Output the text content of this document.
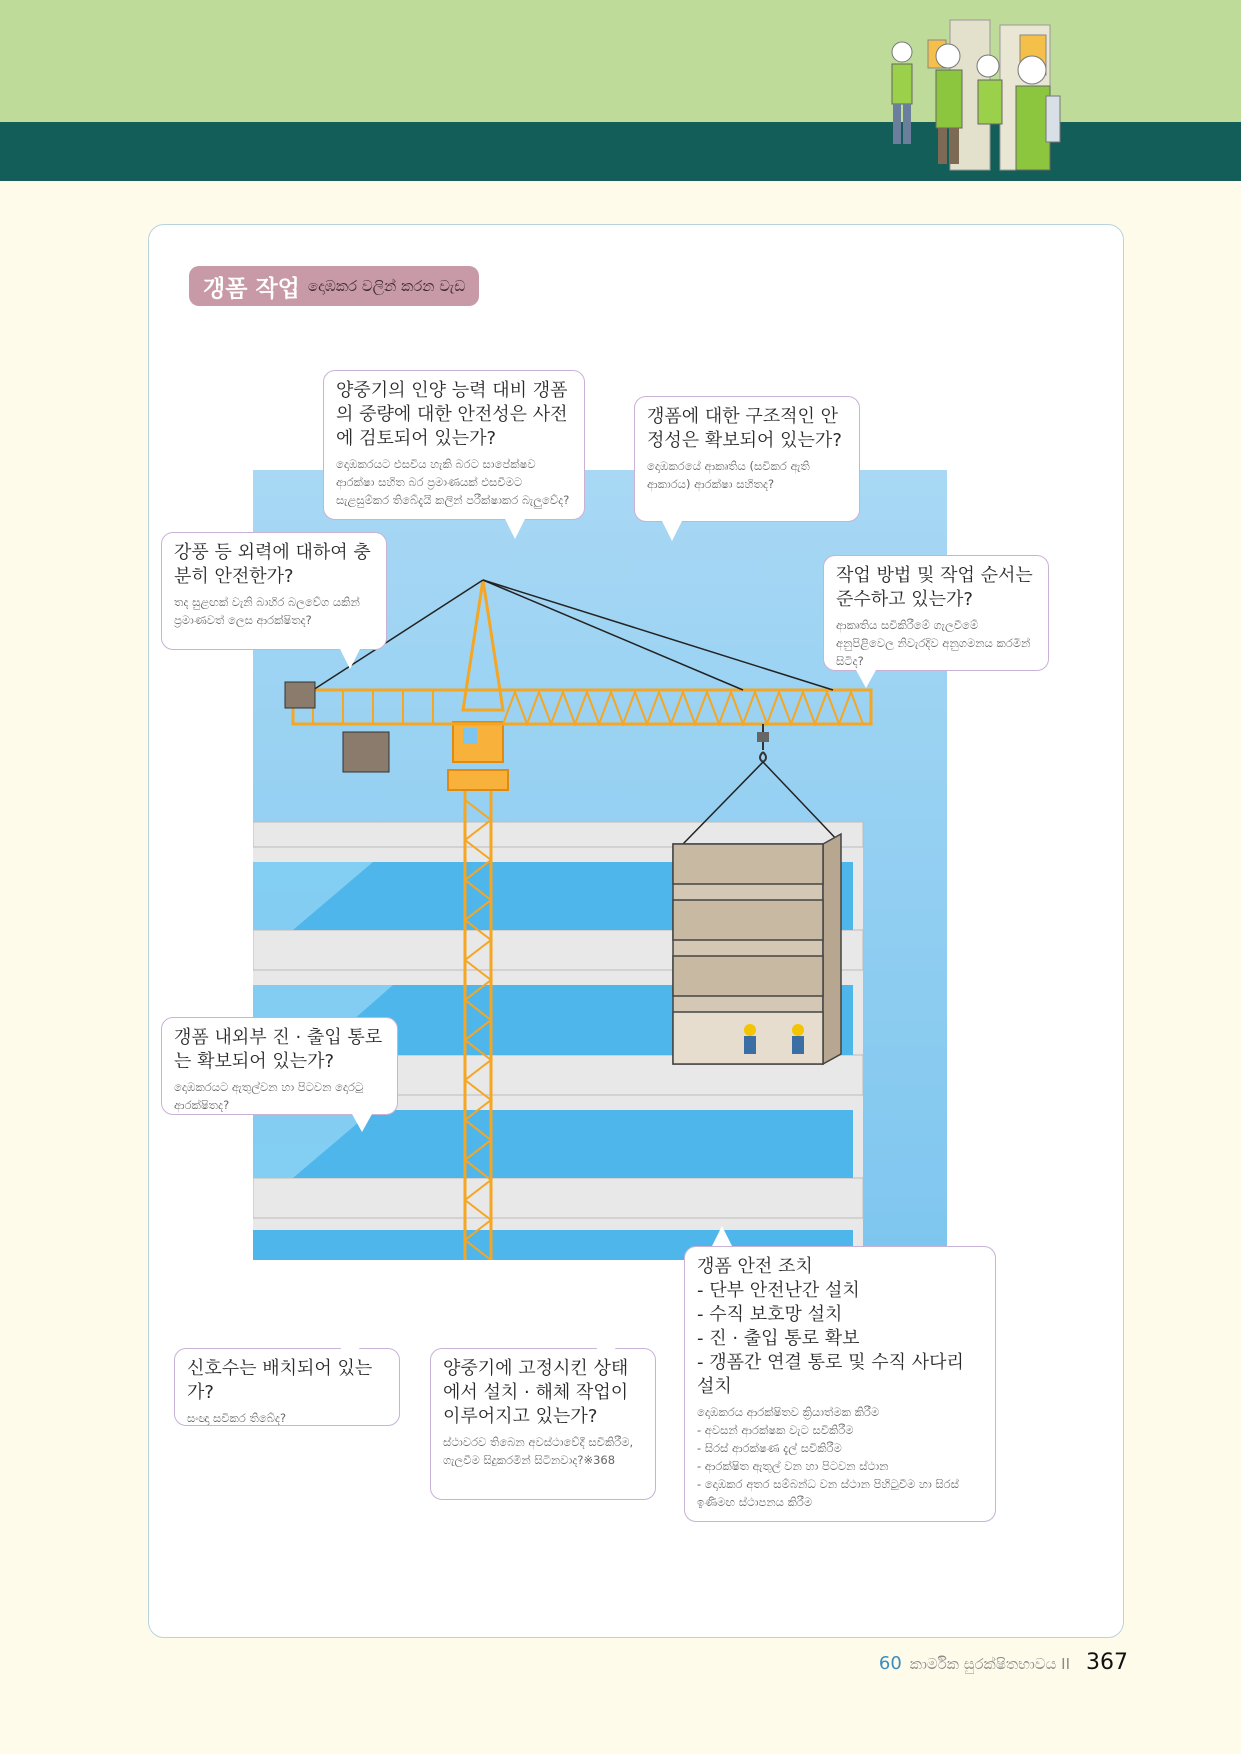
갱폼 작업 දොඹකර වලින් කරන වැඩ
양중기의 인양 능력 대비 갱폼의 중량에 대한 안전성은 사전에 검토되어 있는가?
දොඹකරයට එසවිය හැකි බරට සාපේක්ෂව ආරක්ෂා සහිත බර ප්‍රමාණයක් එසවීමට සැළසුම්කර තිබේදැයි කලින් පරීක්ෂාකර බැලුවේද?
갱폼에 대한 구조적인 안정성은 확보되어 있는가?
දොඹකරයේ ආකෘතිය (සවිකර ඇති ආකාරය) ආරක්ෂා සහිතද?
강풍 등 외력에 대하여 충분히 안전한가?
තද සුළඟක් වැනි බාහිර බලවේග යකින් ප්‍රමාණවත් ලෙස ආරක්ෂිතද?
작업 방법 및 작업 순서는 준수하고 있는가?
ආකෘතිය සවිකිරීමේ ගැලවීමේ අනුපිළිවෙල නිවැරදිව අනුගමනය කරමින් සිටිද?
갱폼 내외부 진 · 출입 통로는 확보되어 있는가?
දොඹකරයට ඇතුල්වන හා පිටවන දොරටු ආරක්ෂිතද?
신호수는 배치되어 있는가?
සංඥා සවිකර තිබේද?
양중기에 고정시킨 상태에서 설치 · 해체 작업이 이루어지고 있는가?
ස්ථාවරව තිබෙන අවස්ථාවේදී සවිකිරීම, ගැලවීම සිදුකරමින් සිටිනවාද?※368
갱폼 안전 조치
- 단부 안전난간 설치
- 수직 보호망 설치
- 진 · 출입 통로 확보
- 갱폼간 연결 통로 및 수직 사다리 설치
දොඹකරය ආරක්ෂිතව ක්‍රියාත්මක කිරීම
- අවසන් ආරක්ෂක වැට සවිකිරීම
- සිරස් ආරක්ෂණ දැල් සවිකිරීම
- ආරක්ෂිත ඇතුල් වන හා පිටවන ස්ථාන
- දොඹකර අතර සම්බන්ධ වන ස්ථාන පිහිටුවීම හා සිරස් ඉණිමඟ ස්ථාපනය කිරීම
60 කාර්මික සුරක්ෂිතභාවය II 367
